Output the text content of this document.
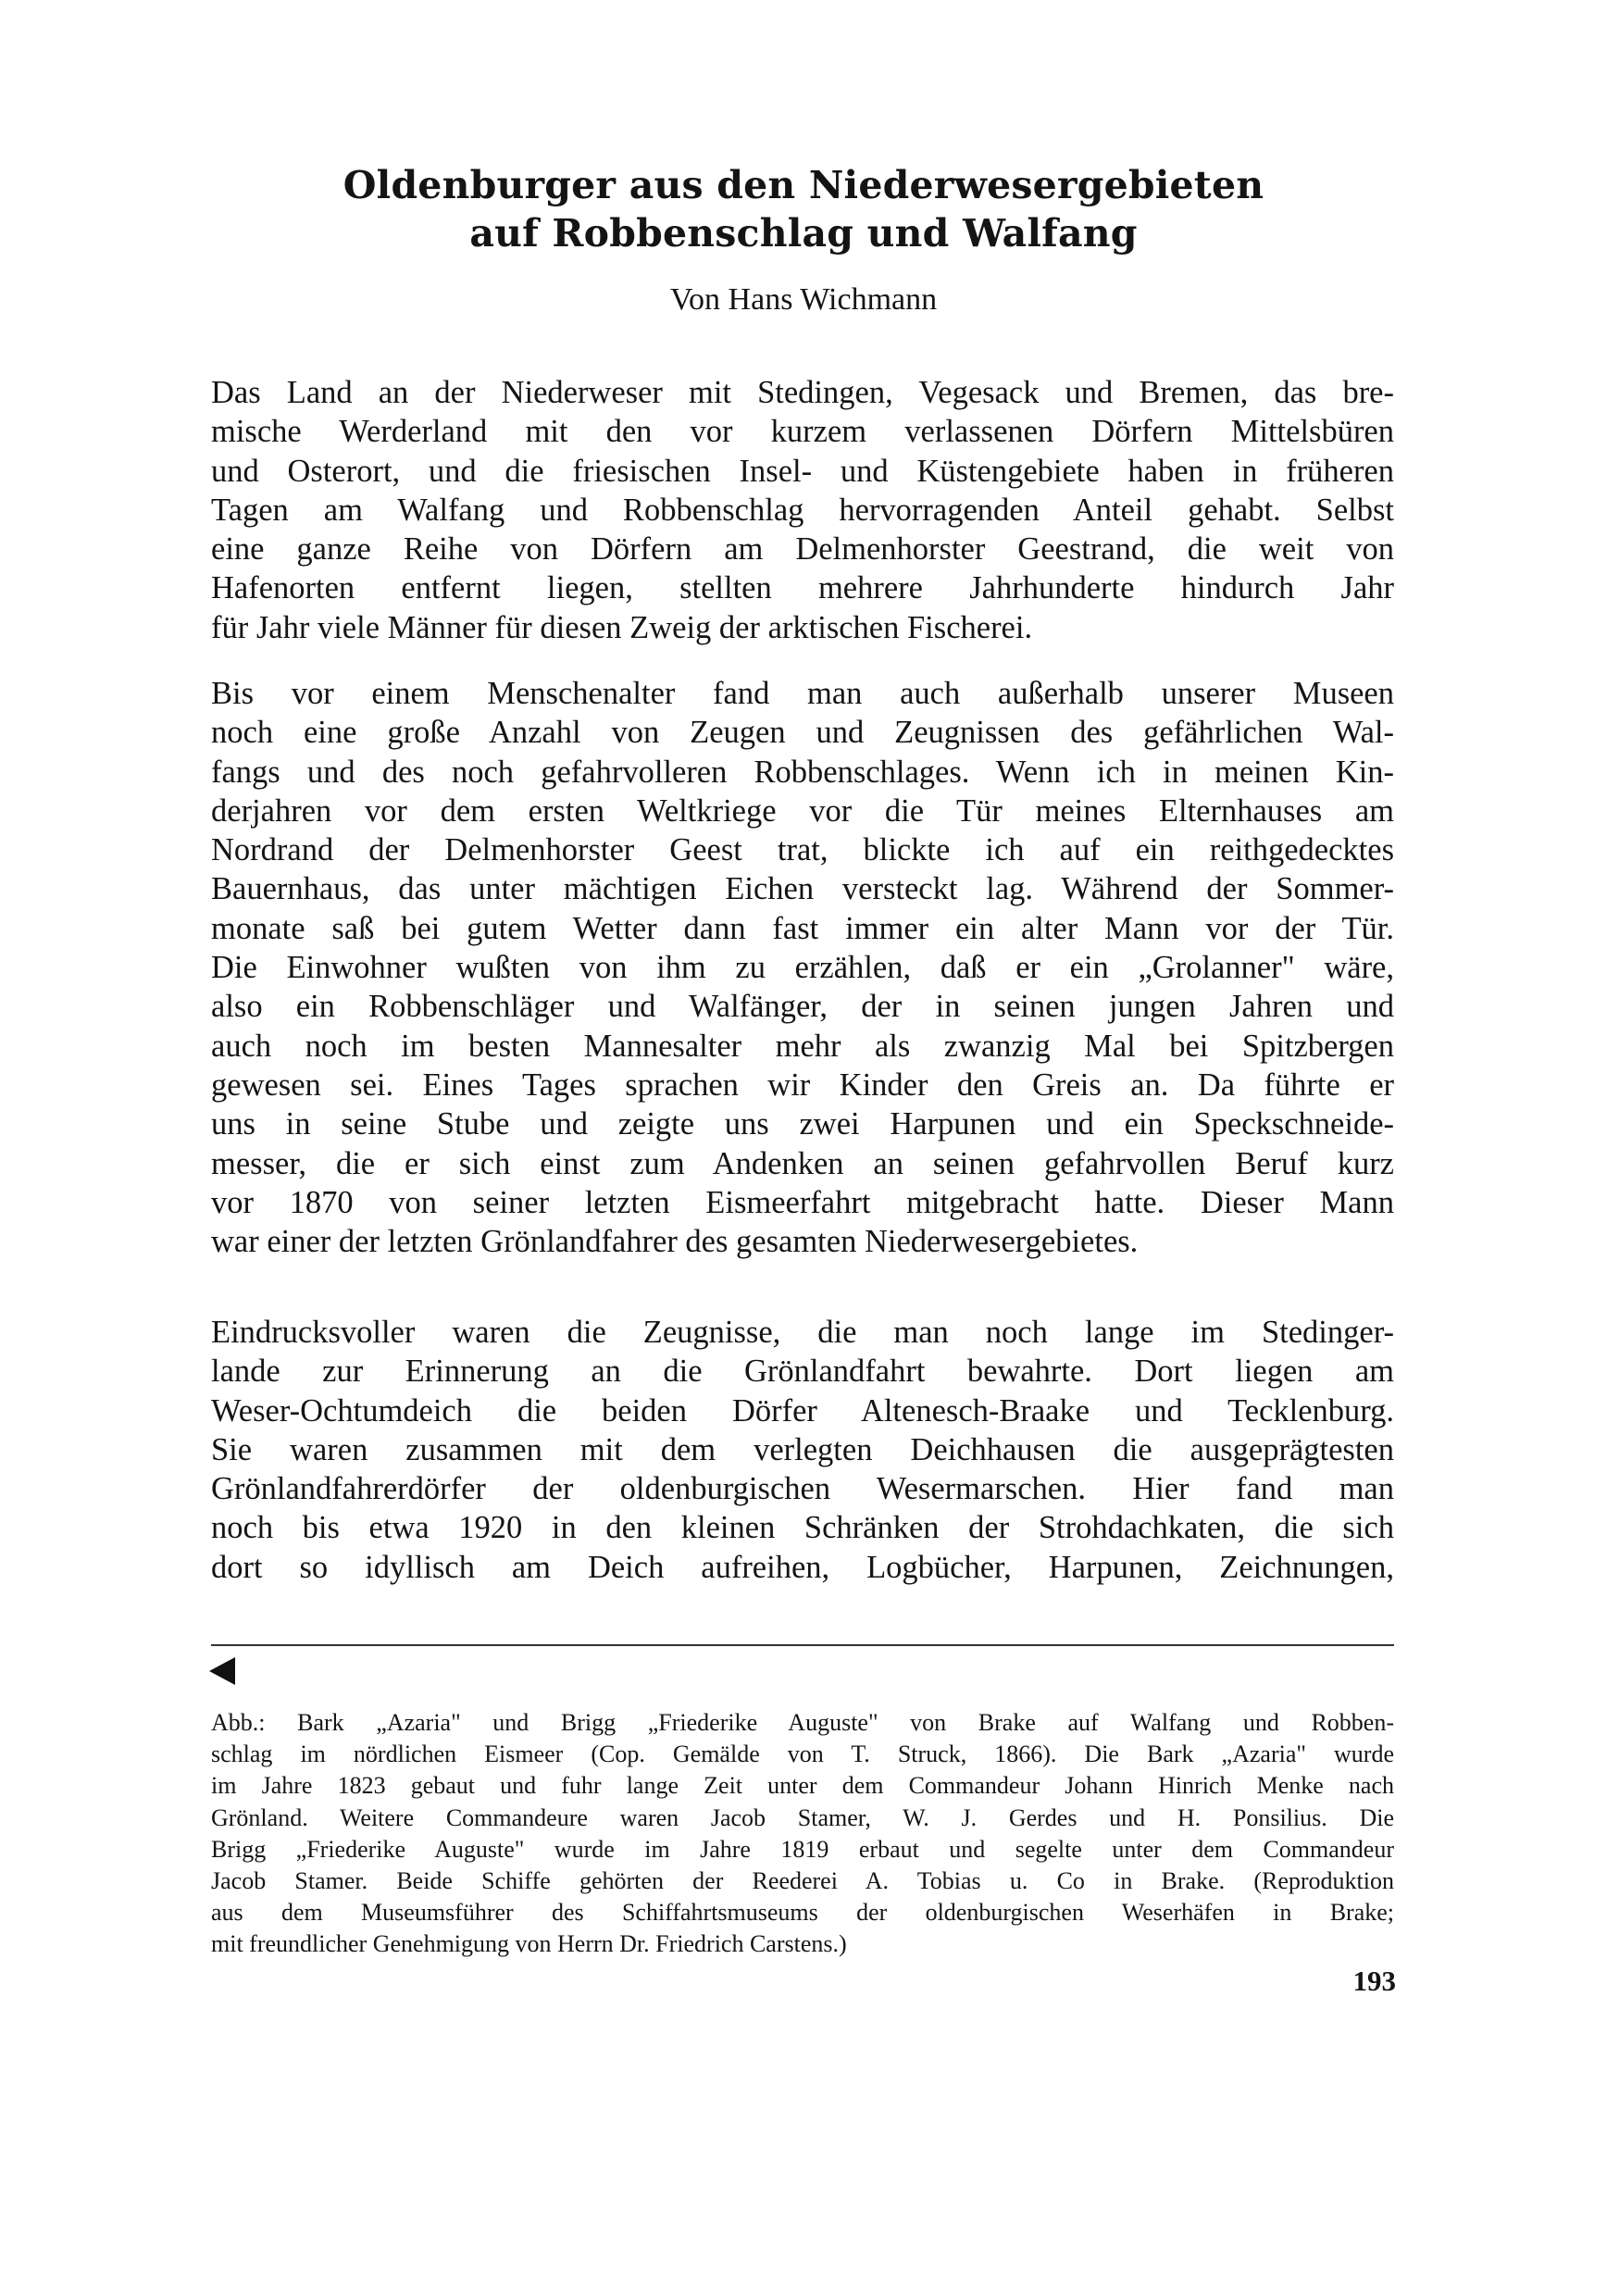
Oldenburger aus den Niederwesergebieten
auf Robbenschlag und Walfang

Von Hans Wichmann

Das Land an der Niederweser mit Stedingen, Vegesack und Bremen, das bre-
mische Werderland mit den vor kurzem verlassenen Dörfern Mittelsbüren
und Osterort, und die friesischen Insel- und Küstengebiete haben in früheren
Tagen am Walfang und Robbenschlag hervorragenden Anteil gehabt. Selbst
eine ganze Reihe von Dörfern am Delmenhorster Geestrand, die weit von
Hafenorten entfernt liegen, stellten mehrere Jahrhunderte hindurch Jahr
für Jahr viele Männer für diesen Zweig der arktischen Fischerei.

Bis vor einem Menschenalter fand man auch außerhalb unserer Museen
noch eine große Anzahl von Zeugen und Zeugnissen des gefährlichen Wal-
fangs und des noch gefahrvolleren Robbenschlages. Wenn ich in meinen Kin-
derjahren vor dem ersten Weltkriege vor die Tür meines Elternhauses am
Nordrand der Delmenhorster Geest trat, blickte ich auf ein reithgedecktes
Bauernhaus, das unter mächtigen Eichen versteckt lag. Während der Sommer-
monate saß bei gutem Wetter dann fast immer ein alter Mann vor der Tür.
Die Einwohner wußten von ihm zu erzählen, daß er ein „Grolanner" wäre,
also ein Robbenschläger und Walfänger, der in seinen jungen Jahren und
auch noch im besten Mannesalter mehr als zwanzig Mal bei Spitzbergen
gewesen sei. Eines Tages sprachen wir Kinder den Greis an. Da führte er
uns in seine Stube und zeigte uns zwei Harpunen und ein Speckschneide-
messer, die er sich einst zum Andenken an seinen gefahrvollen Beruf kurz
vor 1870 von seiner letzten Eismeerfahrt mitgebracht hatte. Dieser Mann
war einer der letzten Grönlandfahrer des gesamten Niederwesergebietes.

Eindrucksvoller waren die Zeugnisse, die man noch lange im Stedinger-
lande zur Erinnerung an die Grönlandfahrt bewahrte. Dort liegen am
Weser-Ochtumdeich die beiden Dörfer Altenesch-Braake und Tecklenburg.
Sie waren zusammen mit dem verlegten Deichhausen die ausgeprägtesten
Grönlandfahrerdörfer der oldenburgischen Wesermarschen. Hier fand man
noch bis etwa 1920 in den kleinen Schränken der Strohdachkaten, die sich
dort so idyllisch am Deich aufreihen, Logbücher, Harpunen, Zeichnungen,

Abb.: Bark „Azaria" und Brigg „Friederike Auguste" von Brake auf Walfang und Robben-
schlag im nördlichen Eismeer (Cop. Gemälde von T. Struck, 1866). Die Bark „Azaria" wurde
im Jahre 1823 gebaut und fuhr lange Zeit unter dem Commandeur Johann Hinrich Menke nach
Grönland. Weitere Commandeure waren Jacob Stamer, W. J. Gerdes und H. Ponsilius. Die
Brigg „Friederike Auguste" wurde im Jahre 1819 erbaut und segelte unter dem Commandeur
Jacob Stamer. Beide Schiffe gehörten der Reederei A. Tobias u. Co in Brake. (Reproduktion
aus dem Museumsführer des Schiffahrtsmuseums der oldenburgischen Weserhäfen in Brake;
mit freundlicher Genehmigung von Herrn Dr. Friedrich Carstens.)

193
